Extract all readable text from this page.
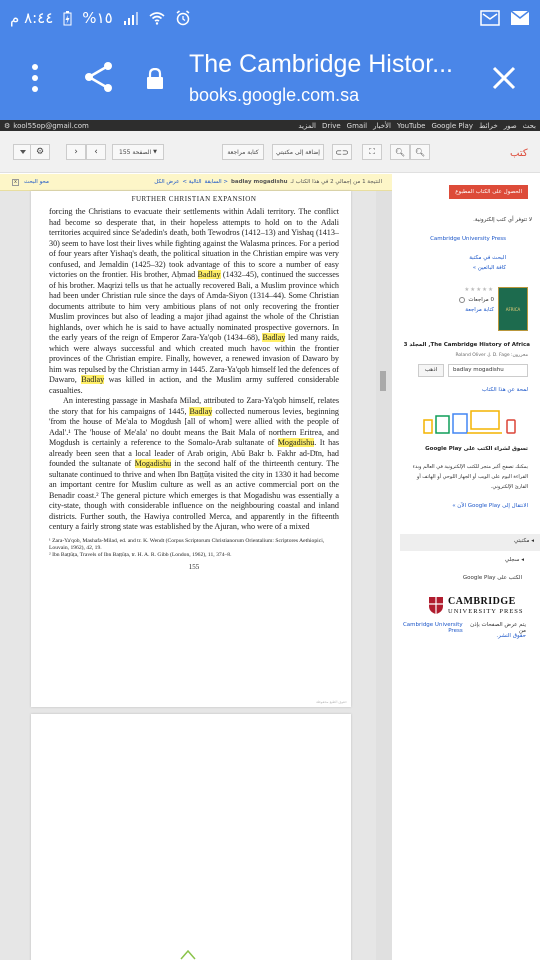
٨:٤٤ م %١٥
The Cambridge Histor...
books.google.com.sa
⚙ kool55op@gmail.com	بحث
صور
خرائط
Google Play
YouTube
الأخبار
Gmail
Drive
المزيد
⚙	› ‹	الصفحة 155
▼	كتابة مراجعة	إضافة إلى مكتبتي	⊂⊃	⛶	🔍︎ 🔍︎	كتب
x	محو البحث	النتيجة 1 من إجمالي 2 في هذا الكتاب لـ
badlay mogadishu
< السابقة
التالية >
عرض الكل
FURTHER CHRISTIAN EXPANSION

forcing the Christians to evacuate their settlements within Adali territory. The conflict had become so desperate that, in their hopeless attempts to hold on to the Adali territories acquired since Se'adedin's death, both Tewodros (1412–13) and Yishaq (1413–30) seem to have lost their lives while fighting against the Walasma princes. For a period of four years after Yishaq's death, the political situation in the Christian empire was very confused, and Jemaldin (1425–32) took advantage of this to score a number of easy victories on the frontier. His brother, Aḥmad Badlay (1432–45), continued the successes of his brother. Maqrizi tells us that he actually recovered Bali, a Muslim province which had been under Christian rule since the days of Amda-Siyon (1314–44). Some Christian documents attribute to him very ambitious plans of not only recovering the frontier Muslim provinces but also of leading a major jihad against the whole of the Christian highlands, over which he is said to have actually nominated prospective governors. In the early years of the reign of Emperor Zara-Ya'qob (1434–68), Badlay led many raids, which were always successful and which created much havoc within the frontier provinces of the Christian empire. Finally, however, a renewed invasion of Dawaro by him was repulsed by the Christian army in 1445. Zara-Ya'qob himself led the defences of Dawaro, Badlay was killed in action, and the Muslim army suffered considerable casualties.

An interesting passage in Mashafa Milad, attributed to Zara-Ya'qob himself, relates the story that for his campaigns of 1445, Badlay collected numerous levies, beginning 'from the house of Me'ala to Mogdush [all of whom] were allied with the people of Adal'.¹ The 'house of Me'ala' no doubt means the Bait Mala of northern Eritrea, and Mogdush is certainly a reference to the Somalo-Arab sultanate of Mogadishu. It has already been seen that a local leader of Arab origin, Abū Bakr b. Fakhr ad-Dīn, had founded the sultanate of Mogadishu in the second half of the thirteenth century. The sultanate continued to thrive and when Ibn Baṭṭūṭa visited the city in 1330 it had become an important centre for Muslim culture as well as an active commercial port on the Benadir coast.² The general picture which emerges is that Mogadishu was essentially a city-state, though with considerable influence on the neighbouring coastal and inland districts. Further south, the Hawiya controlled Merca, and apparently in the fifteenth century a fairly strong state was established by the Ajuran, who were of a mixed

¹ Zara-Ya'qob, Mashafa-Milad, ed. and tr. K. Wendt (Corpus Scriptorum Christianorum Orientalium: Scriptores Aethiopici, Louvain, 1962), 42, 19.
² Ibn Baṭṭūṭa, Travels of Ibn Baṭṭūṭa, tr. H. A. R. Gibb (London, 1962), 11, 374–8.
155
حقوق الطبع محفوظة
الحصول على الكتاب المطبوع
لا تتوفر أي كتب إلكترونية.
Cambridge University Press
البحث في مكتبة
كافة البائعين »
AFRICA
★★★★★
0 مراجعات
كتابة مراجعة
The Cambridge History of Africa, المجلد 3
محررون: Roland Oliver ،J. D. Fage
badlay mogadishu
اذهب
لمحة عن هذا الكتاب
تسوق لشراء الكتب على Google Play
يمكنك تصفح أكبر متجر للكتب الإلكترونية في العالم وبدء القراءة اليوم على الويب أو الجهاز اللوحي أو الهاتف أو القارئ الإلكتروني.
الانتقال إلى Google Play الآن »
◂ مكتبتي
◂ سجلي
الكتب على Google Play
CAMBRIDGE
UNIVERSITY PRESS
يتم عرض الصفحات بإذن من
Cambridge University Press
حقوق النشر.
